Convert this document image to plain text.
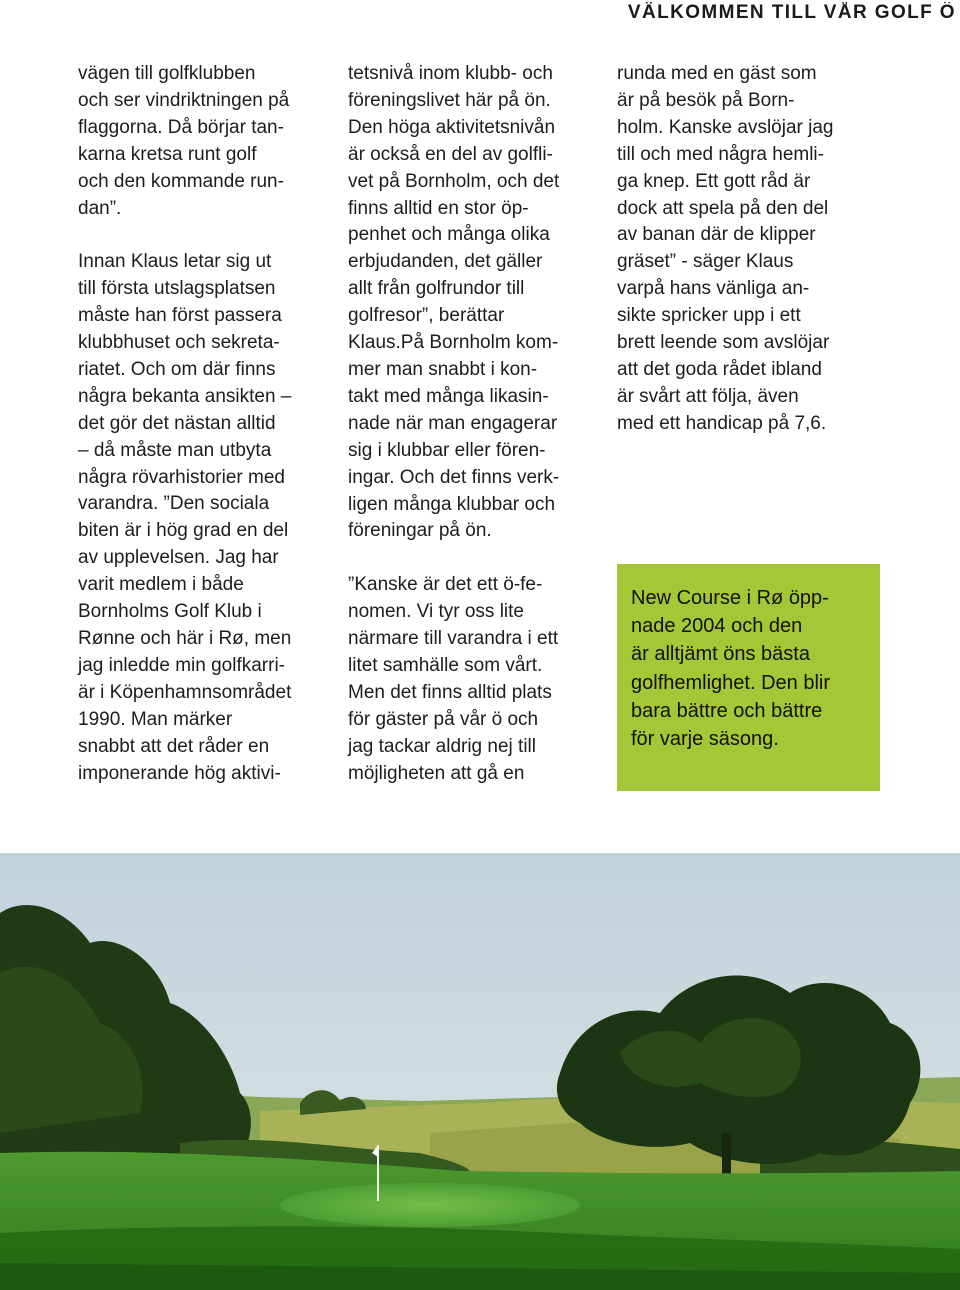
VÄLKOMMEN TILL VÅR GOLF Ö

vägen till golfklubben
och ser vindriktningen på
flaggorna. Då börjar tan-
karna kretsa runt golf
och den kommande run-
dan”.

Innan Klaus letar sig ut
till första utslagsplatsen
måste han först passera
klubbhuset och sekreta-
riatet. Och om där finns
några bekanta ansikten –
det gör det nästan alltid
– då måste man utbyta
några rövarhistorier med
varandra. ”Den sociala
biten är i hög grad en del
av upplevelsen. Jag har
varit medlem i både
Bornholms Golf Klub i
Rønne och här i Rø, men
jag inledde min golfkarri-
är i Köpenhamnsområdet
1990. Man märker
snabbt att det råder en
imponerande hög aktivi-

tetsnivå inom klubb- och
föreningslivet här på ön.
Den höga aktivitetsnivån
är också en del av golfli-
vet på Bornholm, och det
finns alltid en stor öp-
penhet och många olika
erbjudanden, det gäller
allt från golfrundor till
golfresor”, berättar
Klaus.På Bornholm kom-
mer man snabbt i kon-
takt med många likasin-
nade när man engagerar
sig i klubbar eller fören-
ingar. Och det finns verk-
ligen många klubbar och
föreningar på ön.

”Kanske är det ett ö-fe-
nomen. Vi tyr oss lite
närmare till varandra i ett
litet samhälle som vårt.
Men det finns alltid plats
för gäster på vår ö och
jag tackar aldrig nej till
möjligheten att gå en

runda med en gäst som
är på besök på Born-
holm. Kanske avslöjar jag
till och med några hemli-
ga knep. Ett gott råd är
dock att spela på den del
av banan där de klipper
gräset” - säger Klaus
varpå hans vänliga an-
sikte spricker upp i ett
brett leende som avslöjar
att det goda rådet ibland
är svårt att följa, även
med ett handicap på 7,6.

New Course i Rø öpp-
nade 2004 och den
är alltjämt öns bästa
golfhemlighet. Den blir
bara bättre och bättre
för varje säsong.
